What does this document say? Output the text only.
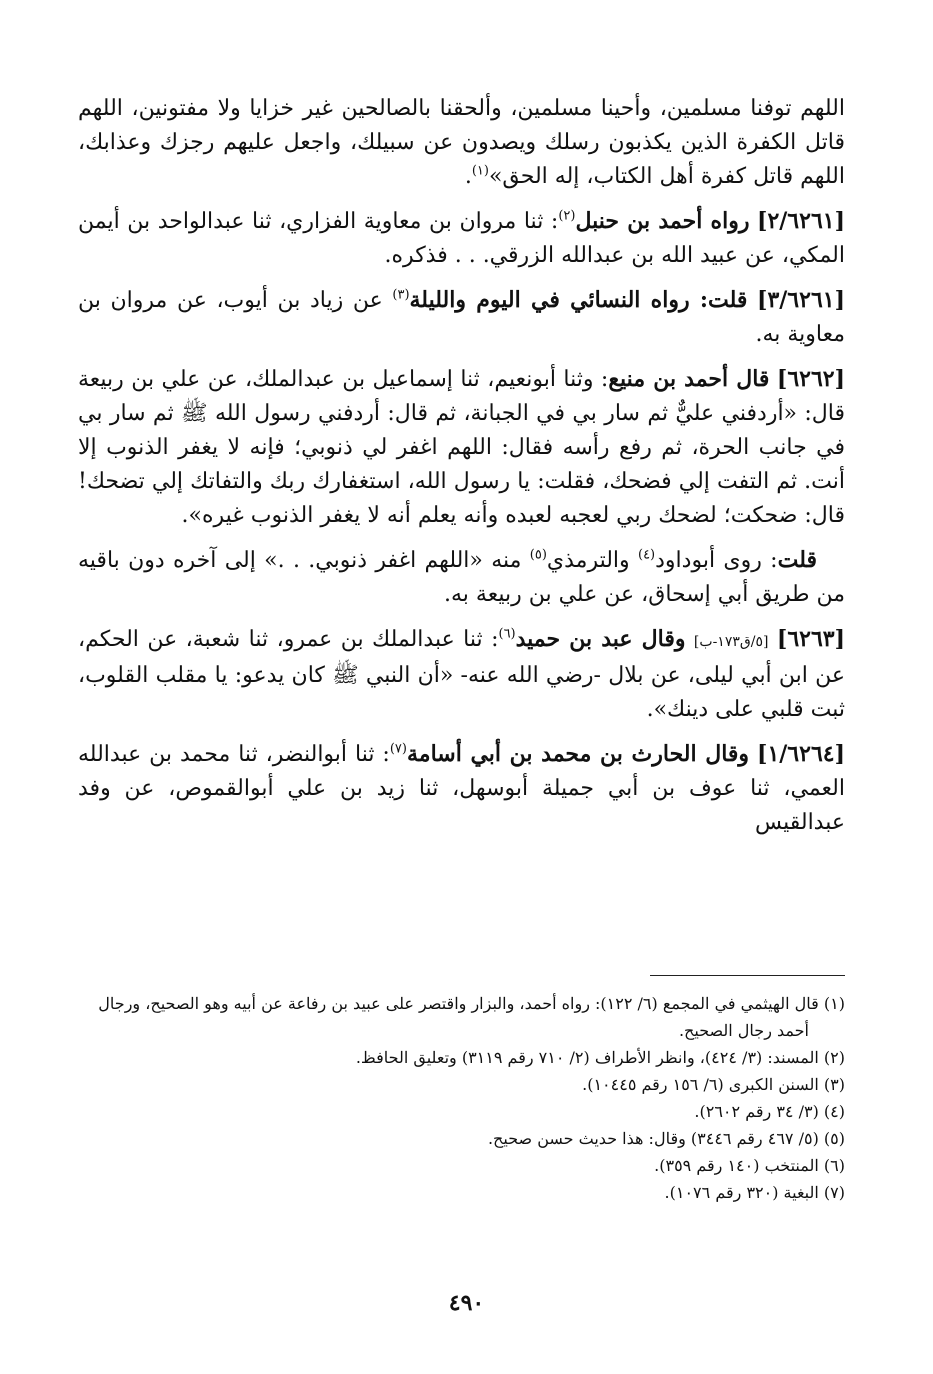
اللهم توفنا مسلمين، وأحينا مسلمين، وألحقنا بالصالحين غير خزايا ولا مفتونين، اللهم قاتل الكفرة الذين يكذبون رسلك ويصدون عن سبيلك، واجعل عليهم رجزك وعذابك، اللهم قاتل كفرة أهل الكتاب، إله الحق»$^{(١)}$.

[٢/٦٢٦١] رواه أحمد بن حنبل$^{(٢)}$: ثنا مروان بن معاوية الفزاري، ثنا عبدالواحد بن أيمن المكي، عن عبيد الله بن عبدالله الزرقي. . . فذكره.

[٣/٦٢٦١] قلت: رواه النسائي في اليوم والليلة$^{(٣)}$ عن زياد بن أيوب، عن مروان بن معاوية به.

[٦٢٦٢] قال أحمد بن منيع: وثنا أبونعيم، ثنا إسماعيل بن عبدالملك، عن علي بن ربيعة قال: «أردفني عليٌّ ثم سار بي في الجبانة، ثم قال: أردفني رسول الله ﷺ ثم سار بي في جانب الحرة، ثم رفع رأسه فقال: اللهم اغفر لي ذنوبي؛ فإنه لا يغفر الذنوب إلا أنت. ثم التفت إلي فضحك، فقلت: يا رسول الله، استغفارك ربك والتفاتك إلي تضحك! قال: ضحكت؛ لضحك ربي لعجبه لعبده وأنه يعلم أنه لا يغفر الذنوب غيره».

قلت: روى أبوداود$^{(٤)}$ والترمذي$^{(٥)}$ منه «اللهم اغفر ذنوبي. . .» إلى آخره دون باقيه من طريق أبي إسحاق، عن علي بن ربيعة به.

[٦٢٦٣] [٥/ق١٧٣-ب] وقال عبد بن حميد$^{(٦)}$: ثنا عبدالملك بن عمرو، ثنا شعبة، عن الحكم، عن ابن أبي ليلى، عن بلال -رضي الله عنه- «أن النبي ﷺ كان يدعو: يا مقلب القلوب، ثبت قلبي على دينك».

[١/٦٢٦٤] وقال الحارث بن محمد بن أبي أسامة$^{(٧)}$: ثنا أبوالنضر، ثنا محمد بن عبدالله العمي، ثنا عوف بن أبي جميلة أبوسهل، ثنا زيد بن علي أبوالقموص، عن وفد عبدالقيس

(١) قال الهيثمي في المجمع (٦/ ١٢٢): رواه أحمد، والبزار واقتصر على عبيد بن رفاعة عن أبيه وهو الصحيح، ورجال أحمد رجال الصحيح.

(٢) المسند: (٣/ ٤٢٤)، وانظر الأطراف (٢/ ٧١٠ رقم ٣١١٩) وتعليق الحافظ.

(٣) السنن الكبرى (٦/ ١٥٦ رقم ١٠٤٤٥).

(٤) (٣/ ٣٤ رقم ٢٦٠٢).

(٥) (٥/ ٤٦٧ رقم ٣٤٤٦) وقال: هذا حديث حسن صحيح.

(٦) المنتخب (١٤٠ رقم ٣٥٩).

(٧) البغية (٣٢٠ رقم ١٠٧٦).

٤٩٠
